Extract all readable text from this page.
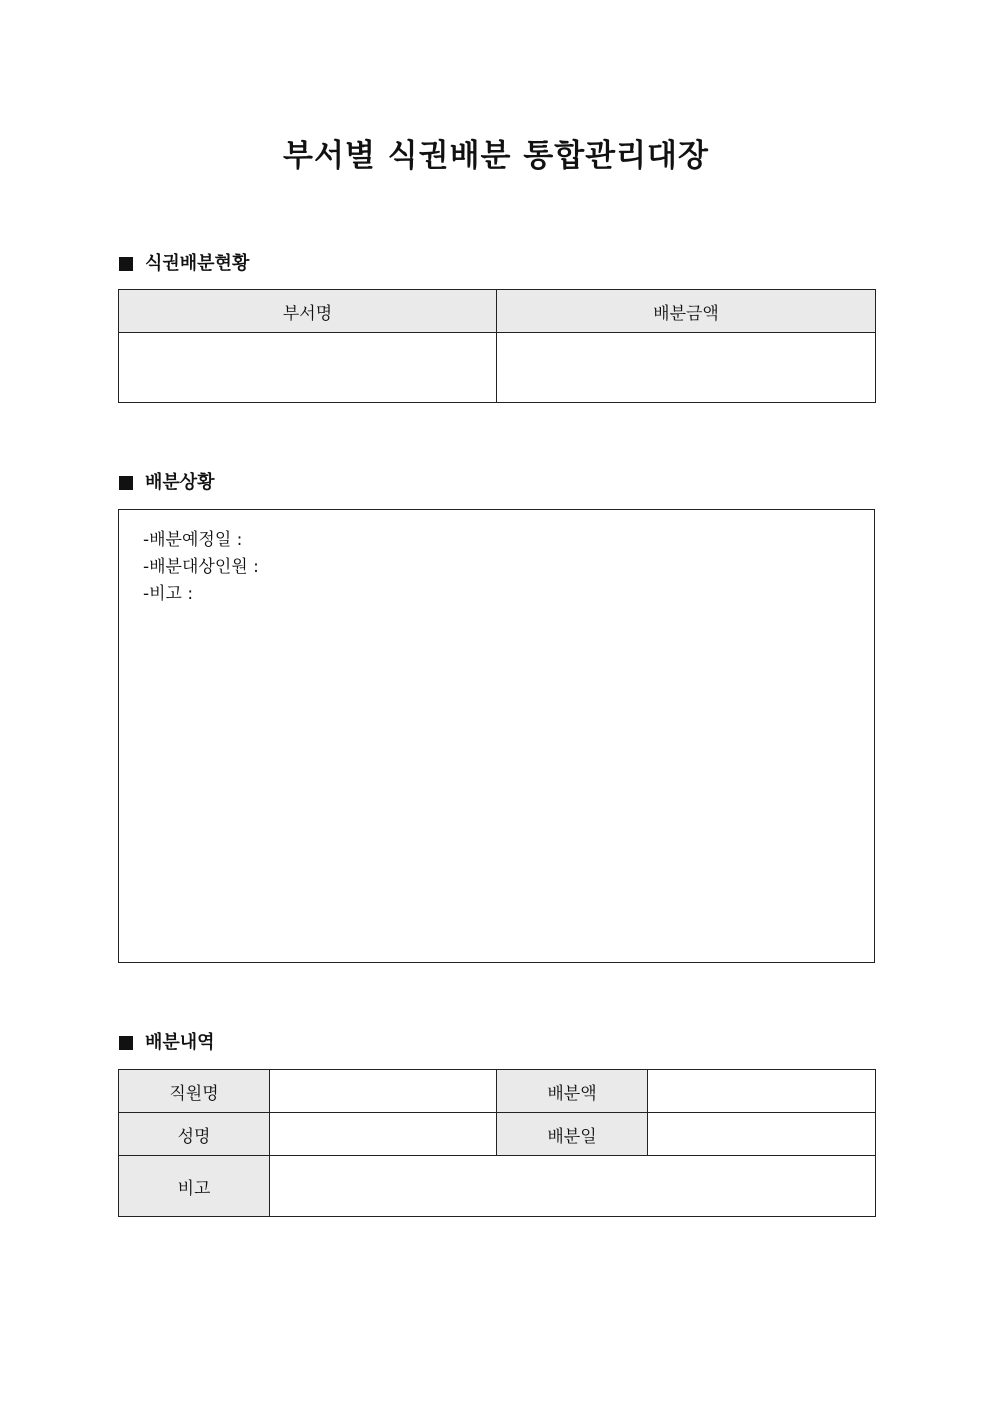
부서별 식권배분 통합관리대장
식권배분현황
부서명	배분금액

배분상황
-배분예정일 :
-배분대상인원 :
-비고 :
배분내역
직원명		배분액	
성명		배분일	
비고			
